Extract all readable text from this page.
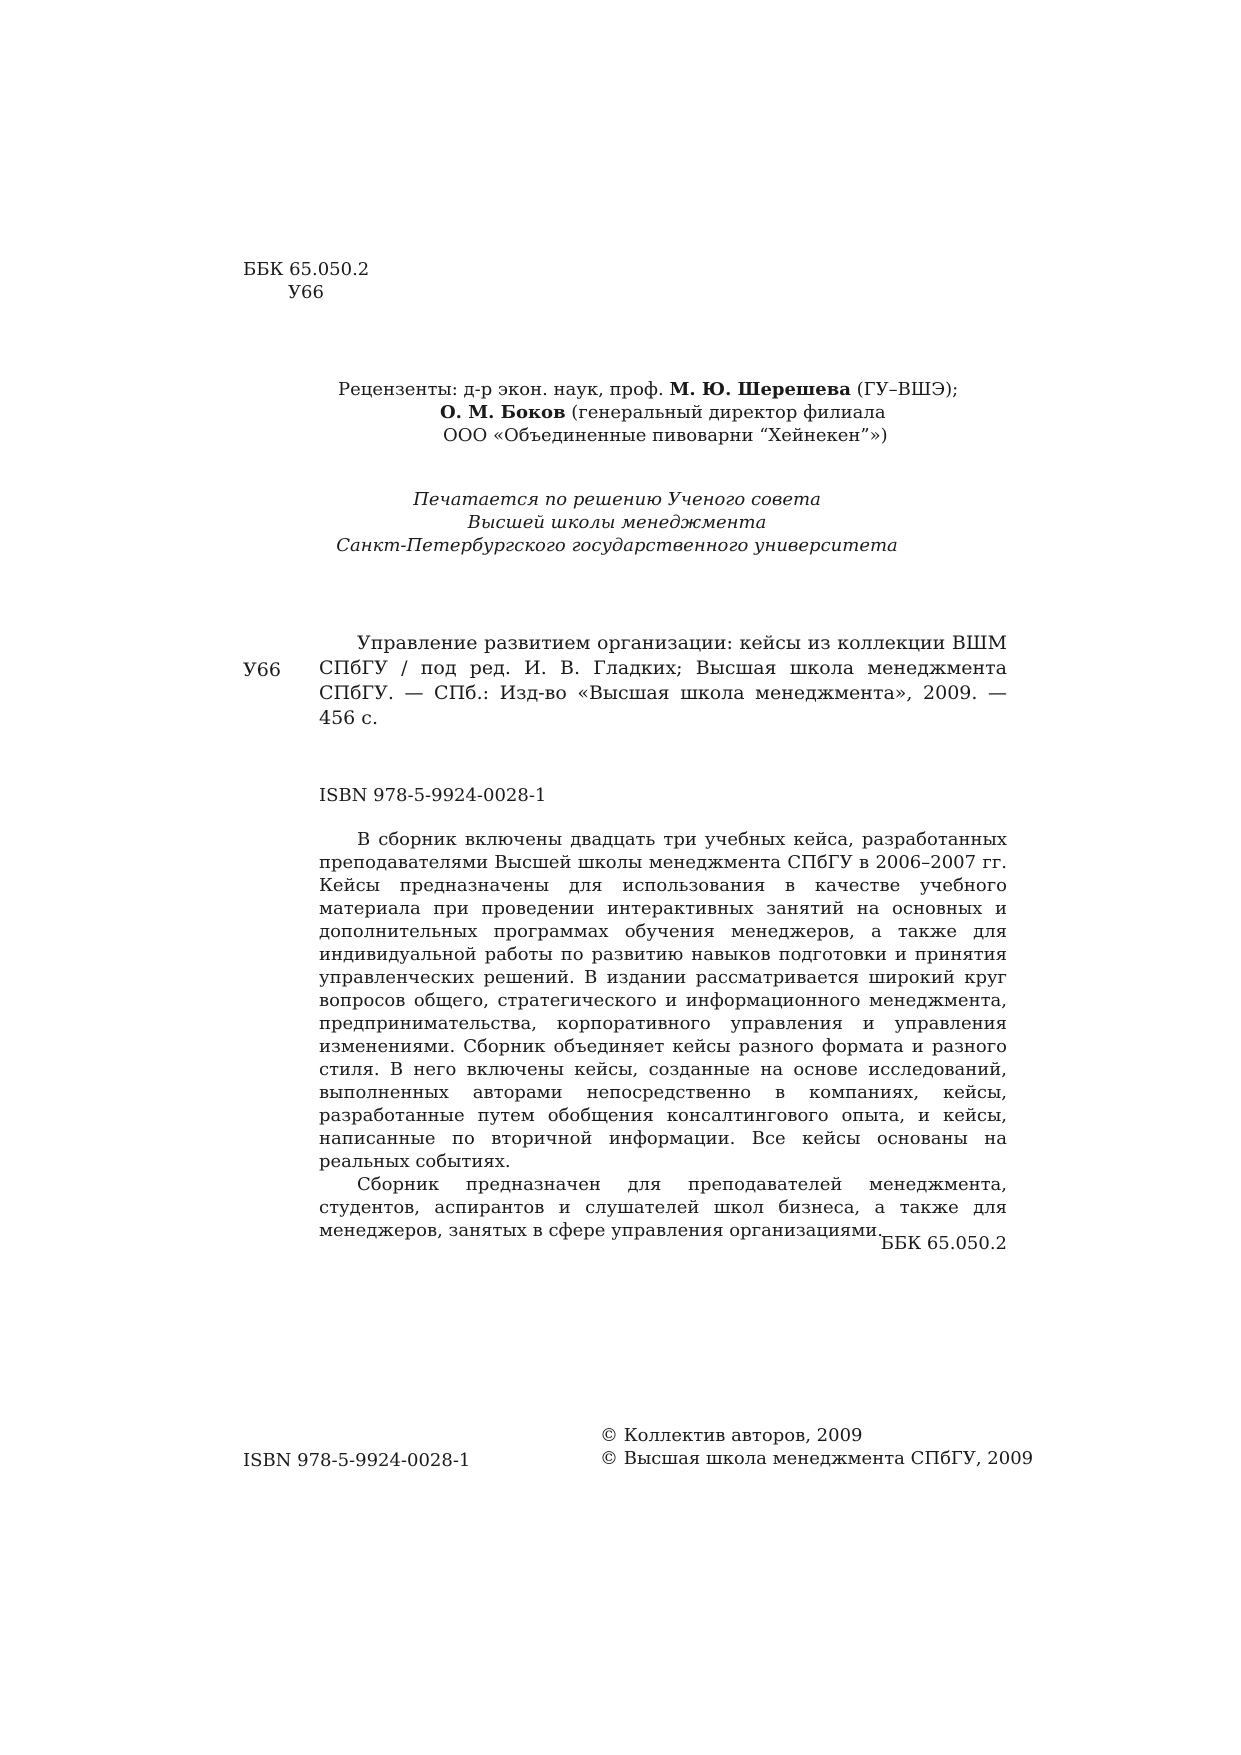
ББК 65.050.2
У66
Рецензенты: д-р экон. наук, проф. М. Ю. Шерешева (ГУ–ВШЭ);
О. М. Боков (генеральный директор филиала
ООО «Объединенные пивоварни “Хейнекен”»)
Печатается по решению Ученого совета
Высшей школы менеджмента
Санкт-Петербургского государственного университета
У66
Управление развитием организации: кейсы из коллекции ВШМ СПбГУ / под ред. И. В. Гладких; Высшая школа менеджмента СПбГУ. — СПб.: Изд-во «Высшая школа менеджмента», 2009. — 456 с.
ISBN 978-5-9924-0028-1

В сборник включены двадцать три учебных кейса, разработанных преподавателями Высшей школы менеджмента СПбГУ в 2006–2007 гг. Кейсы предназначены для использования в качестве учебного материала при проведении интерактивных занятий на основных и дополнительных программах обучения менеджеров, а также для индивидуальной работы по развитию навыков подготовки и принятия управленческих решений. В издании рассматривается широкий круг вопросов общего, стратегического и информационного менеджмента, предпринимательства, корпоративного управления и управления изменениями. Сборник объединяет кейсы разного формата и разного стиля. В него включены кейсы, созданные на основе исследований, выполненных авторами непосредственно в компаниях, кейсы, разработанные путем обобщения консалтингового опыта, и кейсы, написанные по вторичной информации. Все кейсы основаны на реальных событиях.

Сборник предназначен для преподавателей менеджмента, студентов, аспирантов и слушателей школ бизнеса, а также для менеджеров, занятых в сфере управления организациями.

ББК 65.050.2
ISBN 978-5-9924-0028-1
© Коллектив авторов, 2009
© Высшая школа менеджмента СПбГУ, 2009
